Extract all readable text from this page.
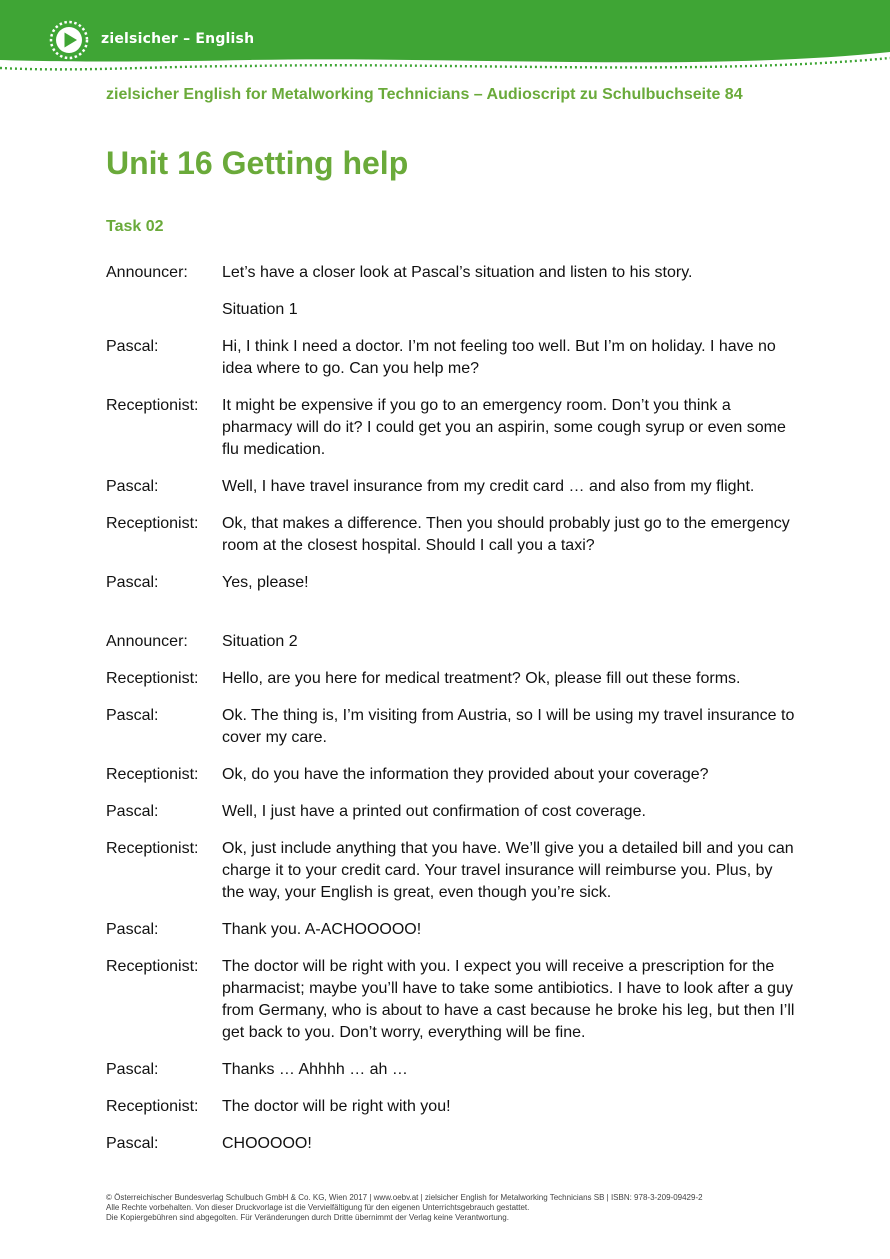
zielsicher – English
zielsicher English for Metalworking Technicians – Audioscript zu Schulbuchseite 84
Unit 16 Getting help
Task 02
Announcer:	Let’s have a closer look at Pascal’s situation and listen to his story.
Situation 1
Pascal:	Hi, I think I need a doctor. I’m not feeling too well. But I’m on holiday. I have no idea where to go. Can you help me?
Receptionist:	It might be expensive if you go to an emergency room. Don’t you think a pharmacy will do it? I could get you an aspirin, some cough syrup or even some flu medication.
Pascal:	Well, I have travel insurance from my credit card … and also from my flight.
Receptionist:	Ok, that makes a difference. Then you should probably just go to the emergency room at the closest hospital. Should I call you a taxi?
Pascal:	Yes, please!
Announcer:	Situation 2
Receptionist:	Hello, are you here for medical treatment? Ok, please fill out these forms.
Pascal:	Ok. The thing is, I’m visiting from Austria, so I will be using my travel insurance to cover my care.
Receptionist:	Ok, do you have the information they provided about your coverage?
Pascal:	Well, I just have a printed out confirmation of cost coverage.
Receptionist:	Ok, just include anything that you have. We’ll give you a detailed bill and you can charge it to your credit card. Your travel insurance will reimburse you. Plus, by the way, your English is great, even though you’re sick.
Pascal:	Thank you. A-ACHOOOOO!
Receptionist:	The doctor will be right with you. I expect you will receive a prescription for the pharmacist; maybe you’ll have to take some antibiotics. I have to look after a guy from Germany, who is about to have a cast because he broke his leg, but then I’ll get back to you. Don’t worry, everything will be fine.
Pascal:	Thanks … Ahhhh … ah …
Receptionist:	The doctor will be right with you!
Pascal:	CHOOOOO!
© Österreichischer Bundesverlag Schulbuch GmbH & Co. KG, Wien 2017 | www.oebv.at | zielsicher English for Metalworking Technicians SB | ISBN: 978-3-209-09429-2
Alle Rechte vorbehalten. Von dieser Druckvorlage ist die Vervielfältigung für den eigenen Unterrichtsgebrauch gestattet.
Die Kopiergebühren sind abgegolten. Für Veränderungen durch Dritte übernimmt der Verlag keine Verantwortung.
